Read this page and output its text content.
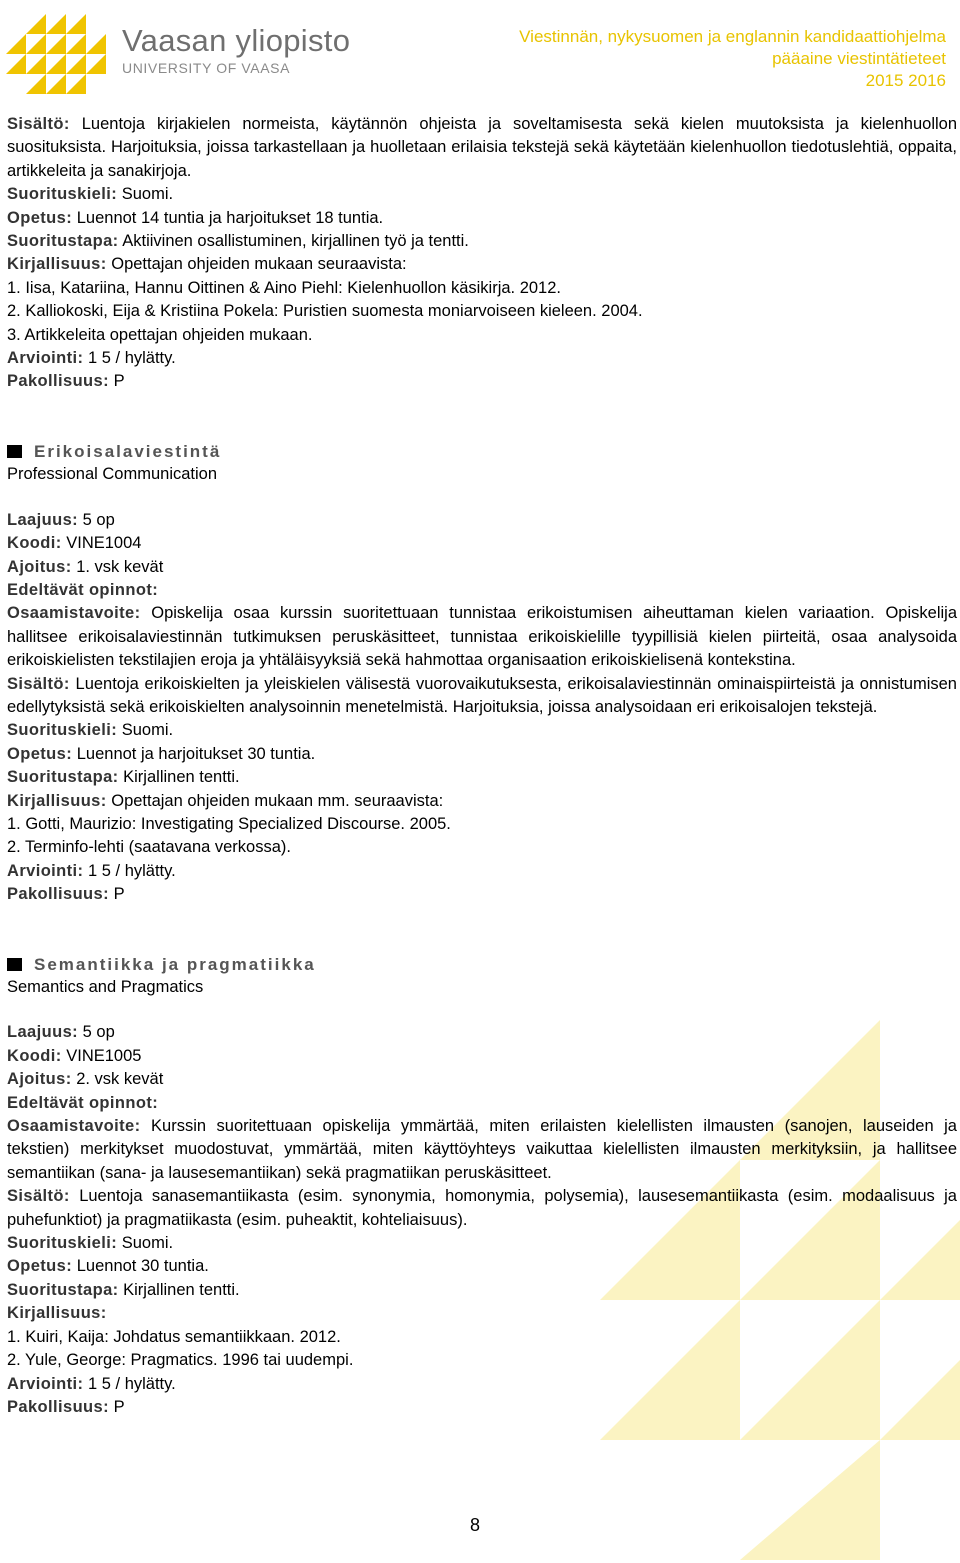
Vaasan yliopisto
UNIVERSITY OF VAASA
Viestinnän, nykysuomen ja englannin kandidaattiohjelma
pääaine viestintätieteet
2015 2016

Sisältö: Luentoja kirjakielen normeista, käytännön ohjeista ja soveltamisesta sekä kielen muutoksista ja kielenhuollon suosituksista. Harjoituksia, joissa tarkastellaan ja huolletaan erilaisia tekstejä sekä käytetään kielenhuollon tiedotuslehtiä, oppaita, artikkeleita ja sanakirjoja.

Suorituskieli: Suomi.

Opetus: Luennot 14 tuntia ja harjoitukset 18 tuntia.

Suoritustapa: Aktiivinen osallistuminen, kirjallinen työ ja tentti.

Kirjallisuus: Opettajan ohjeiden mukaan seuraavista:

1. Iisa, Katariina, Hannu Oittinen & Aino Piehl: Kielenhuollon käsikirja. 2012.

2. Kalliokoski, Eija & Kristiina Pokela: Puristien suomesta moniarvoiseen kieleen. 2004.

3. Artikkeleita opettajan ohjeiden mukaan.

Arviointi: 1 5 / hylätty.

Pakollisuus: P

Erikoisalaviestintä

Professional Communication

Laajuus: 5 op

Koodi: VINE1004

Ajoitus: 1. vsk kevät

Edeltävät opinnot:

Osaamistavoite: Opiskelija osaa kurssin suoritettuaan tunnistaa erikoistumisen aiheuttaman kielen variaation. Opiskelija hallitsee erikoisalaviestinnän tutkimuksen peruskäsitteet, tunnistaa erikoiskielille tyypillisiä kielen piirteitä, osaa analysoida erikoiskielisten tekstilajien eroja ja yhtäläisyyksiä sekä hahmottaa organisaation erikoiskielisenä kontekstina.

Sisältö: Luentoja erikoiskielten ja yleiskielen välisestä vuorovaikutuksesta, erikoisalaviestinnän ominaispiirteistä ja onnistumisen edellytyksistä sekä erikoiskielten analysoinnin menetelmistä. Harjoituksia, joissa analysoidaan eri erikoisalojen tekstejä.

Suorituskieli: Suomi.

Opetus: Luennot ja harjoitukset 30 tuntia.

Suoritustapa: Kirjallinen tentti.

Kirjallisuus: Opettajan ohjeiden mukaan mm. seuraavista:

1. Gotti, Maurizio: Investigating Specialized Discourse. 2005.

2. Terminfo-lehti (saatavana verkossa).

Arviointi: 1 5 / hylätty.

Pakollisuus: P

Semantiikka ja pragmatiikka

Semantics and Pragmatics

Laajuus: 5 op

Koodi: VINE1005

Ajoitus: 2. vsk kevät

Edeltävät opinnot:

Osaamistavoite: Kurssin suoritettuaan opiskelija ymmärtää, miten erilaisten kielellisten ilmausten (sanojen, lauseiden ja tekstien) merkitykset muodostuvat, ymmärtää, miten käyttöyhteys vaikuttaa kielellisten ilmausten merkityksiin, ja hallitsee semantiikan (sana- ja lausesemantiikan) sekä pragmatiikan peruskäsitteet.

Sisältö: Luentoja sanasemantiikasta (esim. synonymia, homonymia, polysemia), lausesemantiikasta (esim. modaalisuus ja puhefunktiot) ja pragmatiikasta (esim. puheaktit, kohteliaisuus).

Suorituskieli: Suomi.

Opetus: Luennot 30 tuntia.

Suoritustapa: Kirjallinen tentti.

Kirjallisuus:

1. Kuiri, Kaija: Johdatus semantiikkaan. 2012.

2. Yule, George: Pragmatics. 1996 tai uudempi.

Arviointi: 1 5 / hylätty.

Pakollisuus: P

8
